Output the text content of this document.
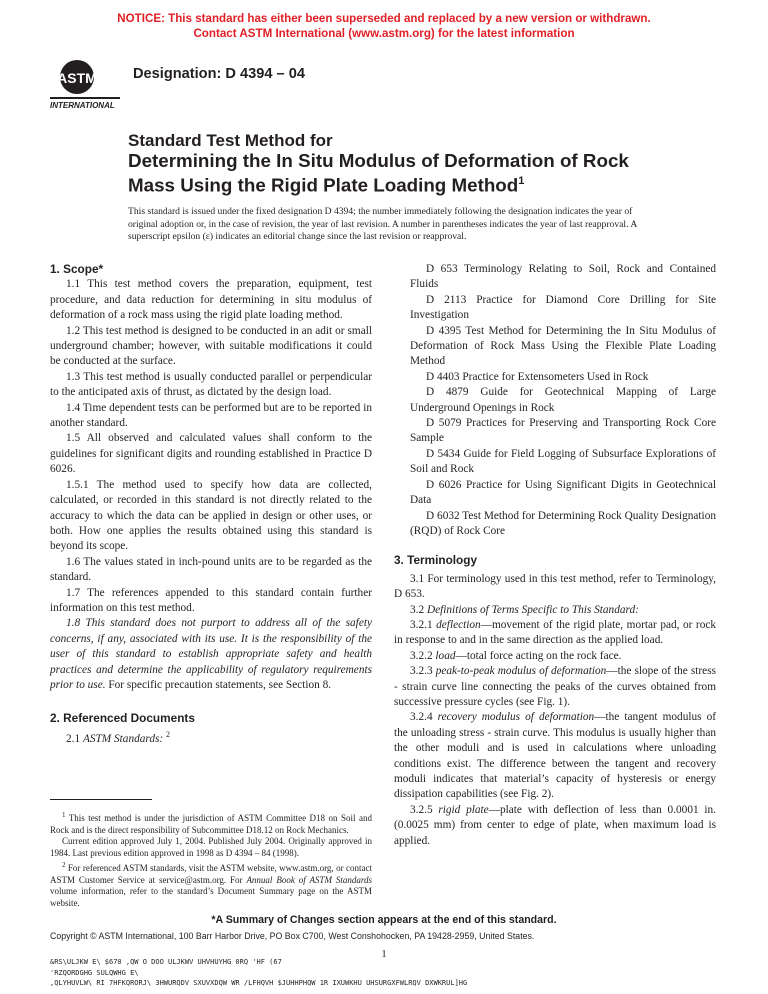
NOTICE: This standard has either been superseded and replaced by a new version or withdrawn.
Contact ASTM International (www.astm.org) for the latest information
ASTM
INTERNATIONAL
Designation: D 4394 – 04
Standard Test Method for
Determining the In Situ Modulus of Deformation of Rock
Mass Using the Rigid Plate Loading Method$^1$
This standard is issued under the fixed designation D 4394; the number immediately following the designation indicates the year of original adoption or, in the case of revision, the year of last revision. A number in parentheses indicates the year of last reapproval. A superscript epsilon (ε) indicates an editorial change since the last revision or reapproval.
1. Scope*

1.1 This test method covers the preparation, equipment, test procedure, and data reduction for determining in situ modulus of deformation of a rock mass using the rigid plate loading method.

1.2 This test method is designed to be conducted in an adit or small underground chamber; however, with suitable modifications it could be conducted at the surface.

1.3 This test method is usually conducted parallel or perpendicular to the anticipated axis of thrust, as dictated by the design load.

1.4 Time dependent tests can be performed but are to be reported in another standard.

1.5 All observed and calculated values shall conform to the guidelines for significant digits and rounding established in Practice D 6026.

1.5.1 The method used to specify how data are collected, calculated, or recorded in this standard is not directly related to the accuracy to which the data can be applied in design or other uses, or both. How one applies the results obtained using this standard is beyond its scope.

1.6 The values stated in inch-pound units are to be regarded as the standard.

1.7 The references appended to this standard contain further information on this test method.

1.8 This standard does not purport to address all of the safety concerns, if any, associated with its use. It is the responsibility of the user of this standard to establish appropriate safety and health practices and determine the applicability of regulatory requirements prior to use. For specific precaution statements, see Section 8.

2. Referenced Documents

2.1 ASTM Standards: $^2$

$^1$ This test method is under the jurisdiction of ASTM Committee D18 on Soil and Rock and is the direct responsibility of Subcommittee D18.12 on Rock Mechanics.

Current edition approved July 1, 2004. Published July 2004. Originally approved in 1984. Last previous edition approved in 1998 as D 4394 – 84 (1998).

$^2$ For referenced ASTM standards, visit the ASTM website, www.astm.org, or contact ASTM Customer Service at service@astm.org. For Annual Book of ASTM Standards volume information, refer to the standard’s Document Summary page on the ASTM website.

D 653 Terminology Relating to Soil, Rock and Contained Fluids

D 2113 Practice for Diamond Core Drilling for Site Investigation

D 4395 Test Method for Determining the In Situ Modulus of Deformation of Rock Mass Using the Flexible Plate Loading Method

D 4403 Practice for Extensometers Used in Rock

D 4879 Guide for Geotechnical Mapping of Large Underground Openings in Rock

D 5079 Practices for Preserving and Transporting Rock Core Sample

D 5434 Guide for Field Logging of Subsurface Explorations of Soil and Rock

D 6026 Practice for Using Significant Digits in Geotechnical Data

D 6032 Test Method for Determining Rock Quality Designation (RQD) of Rock Core

3. Terminology

3.1 For terminology used in this test method, refer to Terminology, D 653.

3.2 Definitions of Terms Specific to This Standard:

3.2.1 deflection—movement of the rigid plate, mortar pad, or rock in response to and in the same direction as the applied load.

3.2.2 load—total force acting on the rock face.

3.2.3 peak-to-peak modulus of deformation—the slope of the stress - strain curve line connecting the peaks of the curves obtained from successive pressure cycles (see Fig. 1).

3.2.4 recovery modulus of deformation—the tangent modulus of the unloading stress - strain curve. This modulus is usually higher than the other moduli and is used in calculations where unloading conditions exist. The difference between the tangent and recovery moduli indicates that material’s capacity of hysteresis or energy dissipation capabilities (see Fig. 2).

3.2.5 rigid plate—plate with deflection of less than 0.0001 in. (0.0025 mm) from center to edge of plate, when maximum load is applied.

*A Summary of Changes section appears at the end of this standard.
Copyright © ASTM International, 100 Barr Harbor Drive, PO Box C700, West Conshohocken, PA 19428-2959, United States.
1
&RS\ULJKW E\ $670 ,QW O DOO ULJKWV UHVHUYHG 0RQ 'HF (67
'RZQORDGHG SULQWHG E\
,QLYHUVLW\ RI 7HFKQRORJ\ 3HWURQDV SXUVXDQW WR /LFHQVH $JUHHPHQW 1R IXUWKHU UHSURGXFWLRQV DXWKRUL]HG
